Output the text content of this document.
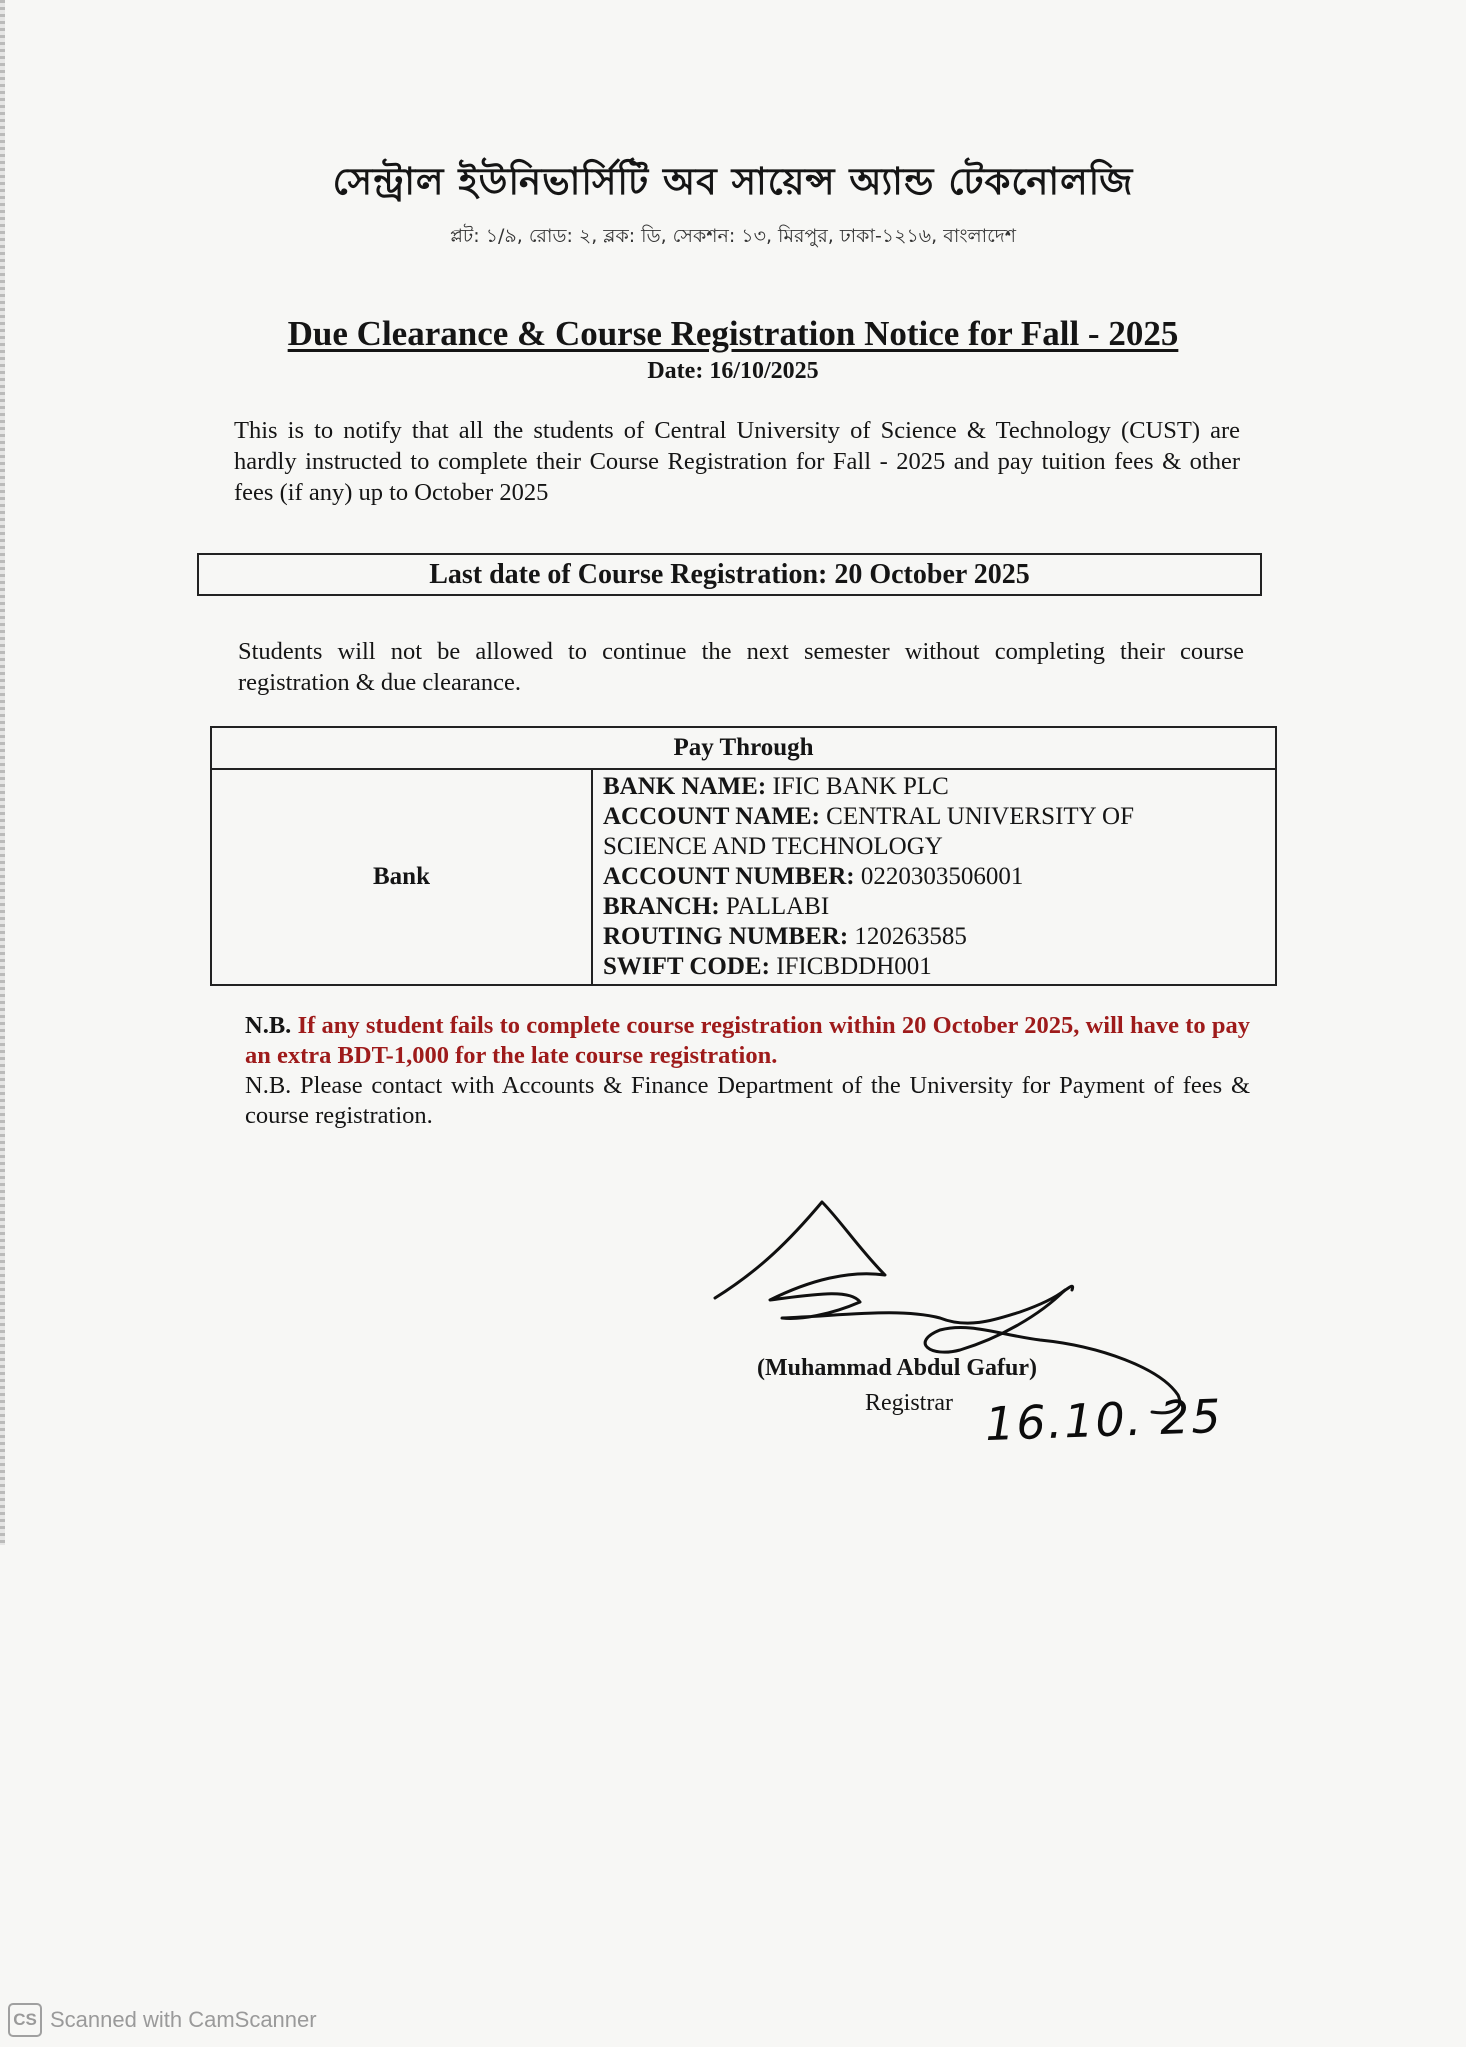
সেন্ট্রাল ইউনিভার্সিটি অব সায়েন্স অ্যান্ড টেকনোলজি
প্লট: ১/৯, রোড: ২, ব্লক: ডি, সেকশন: ১৩, মিরপুর, ঢাকা-১২১৬, বাংলাদেশ
Due Clearance & Course Registration Notice for Fall - 2025
Date: 16/10/2025
This is to notify that all the students of Central University of Science & Technology (CUST) are hardly instructed to complete their Course Registration for Fall - 2025 and pay tuition fees & other fees (if any) up to October 2025
Last date of Course Registration: 20 October 2025
Students will not be allowed to continue the next semester without completing their course registration & due clearance.
Pay Through
Bank	
BANK NAME: IFIC BANK PLC
ACCOUNT NAME: CENTRAL UNIVERSITY OF
SCIENCE AND TECHNOLOGY
ACCOUNT NUMBER: 0220303506001
BRANCH: PALLABI
ROUTING NUMBER: 120263585
SWIFT CODE: IFICBDDH001
N.B. If any student fails to complete course registration within 20 October 2025, will have to pay an extra BDT-1,000 for the late course registration.
N.B. Please contact with Accounts & Finance Department of the University for Payment of fees & course registration.
(Muhammad Abdul Gafur)
Registrar 16.10. 25
CS Scanned with CamScanner
